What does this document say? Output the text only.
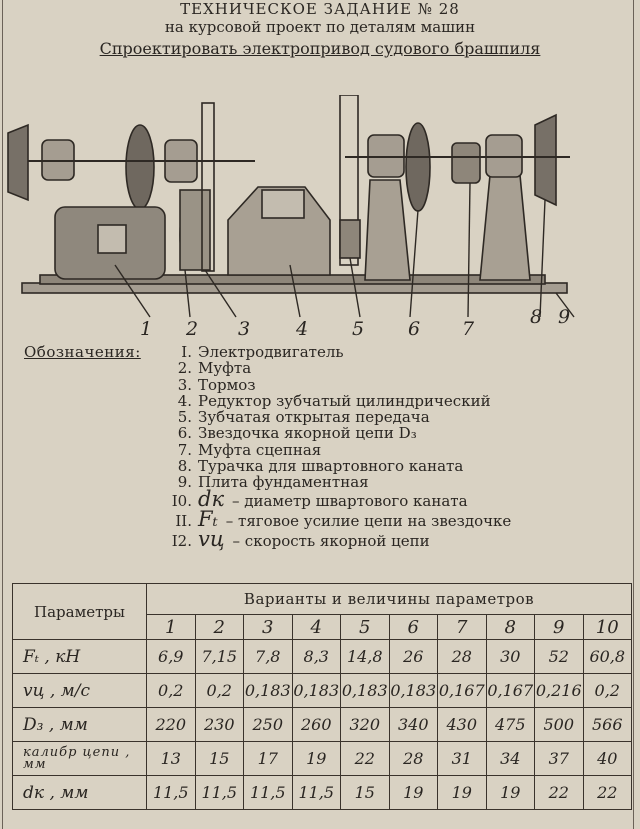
ТЕХНИЧЕСКОЕ ЗАДАНИЕ № 28
на курсовой проект по деталям машин
Спроектировать электропривод судового брашпиля
1 2 3 4 5 6 7
8 9
Обозначения:	I. Электродвигатель
2. Муфта
3. Тормоз
4. Редуктор зубчатый цилиндрический
5. Зубчатая открытая передача
6. Звездочка якорной цепи D₃
7. Муфта сцепная
8. Турачка для швартовного каната
9. Плита фундаментная
I0. dк – диаметр швартового каната
II. Fₜ – тяговое усилие цепи на звездочке
I2. vц – скорость якорной цепи
Параметры	Варианты и величины параметров									
	1	2	3	4	5	6	7	8	9	10
Fₜ , кН	6,9	7,15	7,8	8,3	14,8	26	28	30	52	60,8
vц , м/с	0,2	0,2	0,183	0,183	0,183	0,183	0,167	0,167	0,216	0,2
D₃ , мм	220	230	250	260	320	340	430	475	500	566
калибр цепи , мм	13	15	17	19	22	28	31	34	37	40
dк , мм	11,5	11,5	11,5	11,5	15	19	19	19	22	22
